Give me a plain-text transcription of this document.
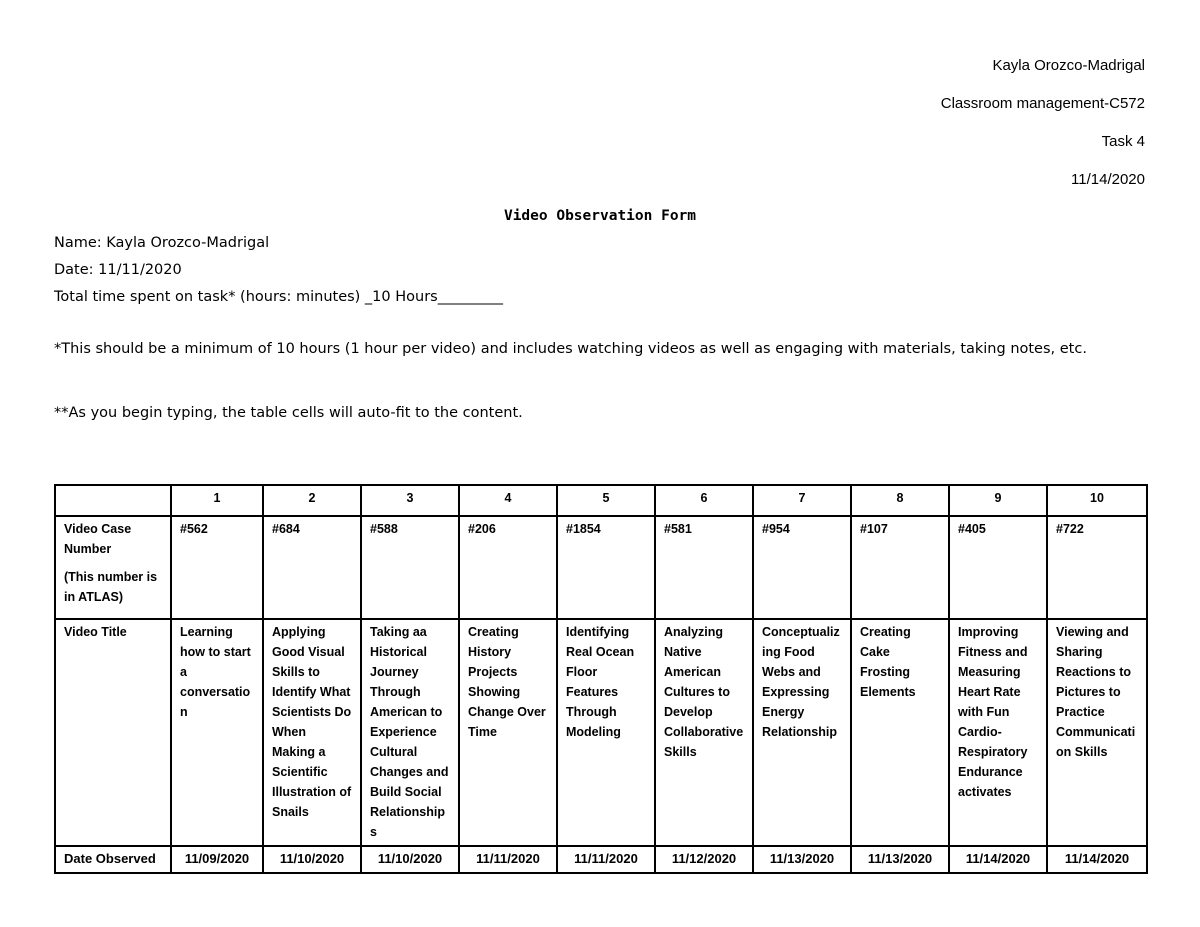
Kayla Orozco-Madrigal
Classroom management-C572
Task 4
11/14/2020
Video Observation Form
Name: Kayla Orozco-Madrigal
Date: 11/11/2020
Total time spent on task* (hours: minutes) _10 Hours_________
*This should be a minimum of 10 hours (1 hour per video) and includes watching videos as well as engaging with materials, taking notes, etc.
**As you begin typing, the table cells will auto-fit to the content.
	1	2	3	4	5	6	7	8	9	10
Video Case Number
(This number is in ATLAS)	#562	#684	#588	#206	#1854	#581	#954	#107	#405	#722
Video Title	Learning how to start a conversation	Applying Good Visual Skills to Identify What Scientists Do When Making a Scientific Illustration of Snails	Taking aa Historical Journey Through American to Experience Cultural Changes and Build Social Relationships	Creating History Projects Showing Change Over Time	Identifying Real Ocean Floor Features Through Modeling	Analyzing Native American Cultures to Develop Collaborative Skills	Conceptualizing Food Webs and Expressing Energy Relationship	Creating Cake Frosting Elements	Improving Fitness and Measuring Heart Rate with Fun Cardio-Respiratory Endurance activates	Viewing and Sharing Reactions to Pictures to Practice Communication Skills
Date Observed	11/09/2020	11/10/2020	11/10/2020	11/11/2020	11/11/2020	11/12/2020	11/13/2020	11/13/2020	11/14/2020	11/14/2020
